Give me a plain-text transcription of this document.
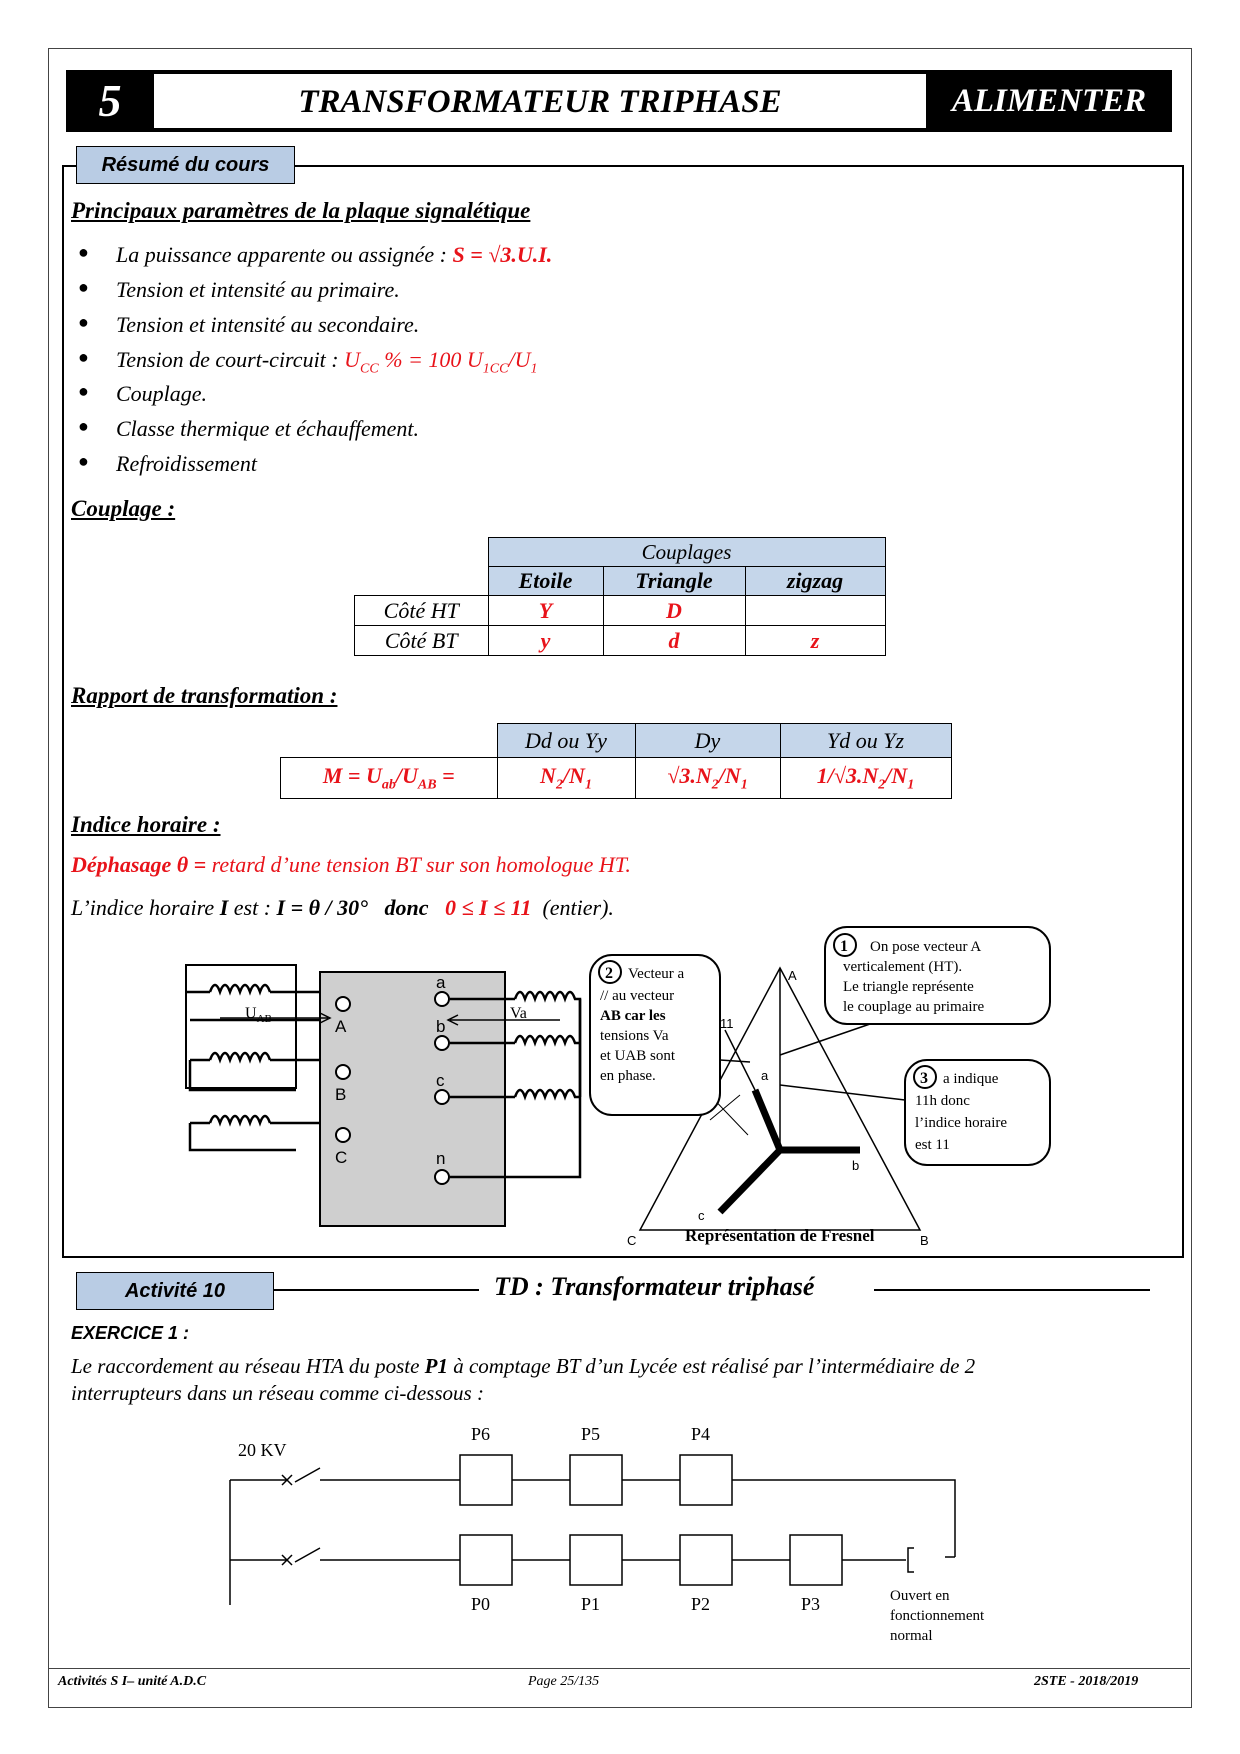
5	TRANSFORMATEUR TRIPHASE	ALIMENTER
Résumé du cours
Principaux paramètres de la plaque signalétique
● La puissance apparente ou assignée : S = √3.U.I.
● Tension et intensité au primaire.
● Tension et intensité au secondaire.
● Tension de court-circuit : $U_{CC}$ % = 100 $U_{1CC}/U_1$
● Couplage.
● Classe thermique et échauffement.
● Refroidissement
Couplage :
	Couplages		
	Etoile	Triangle	zigzag
Côté HT	Y	D	
Côté BT	y	d	z
Rapport de transformation :
	Dd ou Yy	Dy	Yd ou Yz
$M = U_{ab}/U_{AB}$ =	$N_2/N_1$	$√3.N_2/N_1$	$1/√3.N_2/N_1$
Indice horaire :
Déphasage θ = retard d’une tension BT sur son homologue HT.
L’indice horaire I est : I = θ / 30° donc 0 ≤ I ≤ 11 (entier).
A
B
C
a
b
c
n
$U_{AB}$	Va
A
B
C
a
b
c
11
Représentation de Fresnel
1 On pose vecteur A
verticalement (HT).
Le triangle représente
le couplage au primaire
2 Vecteur a
// au vecteur
AB car les
tensions Va
et UAB sont
en phase.	3 a indique
11h donc
l’indice horaire
est 11
Activité 10	TD : Transformateur triphasé
EXERCICE 1 :
Le raccordement au réseau HTA du poste P1 à comptage BT d’un Lycée est réalisé par l’intermédiaire de 2
interrupteurs dans un réseau comme ci-dessous :
20 KV
P6	P5	P4
P0	P1	P2	P3	Ouvert en
fonctionnement
normal
Activités S I– unité A.D.C	Page 25/135	2STE - 2018/2019
